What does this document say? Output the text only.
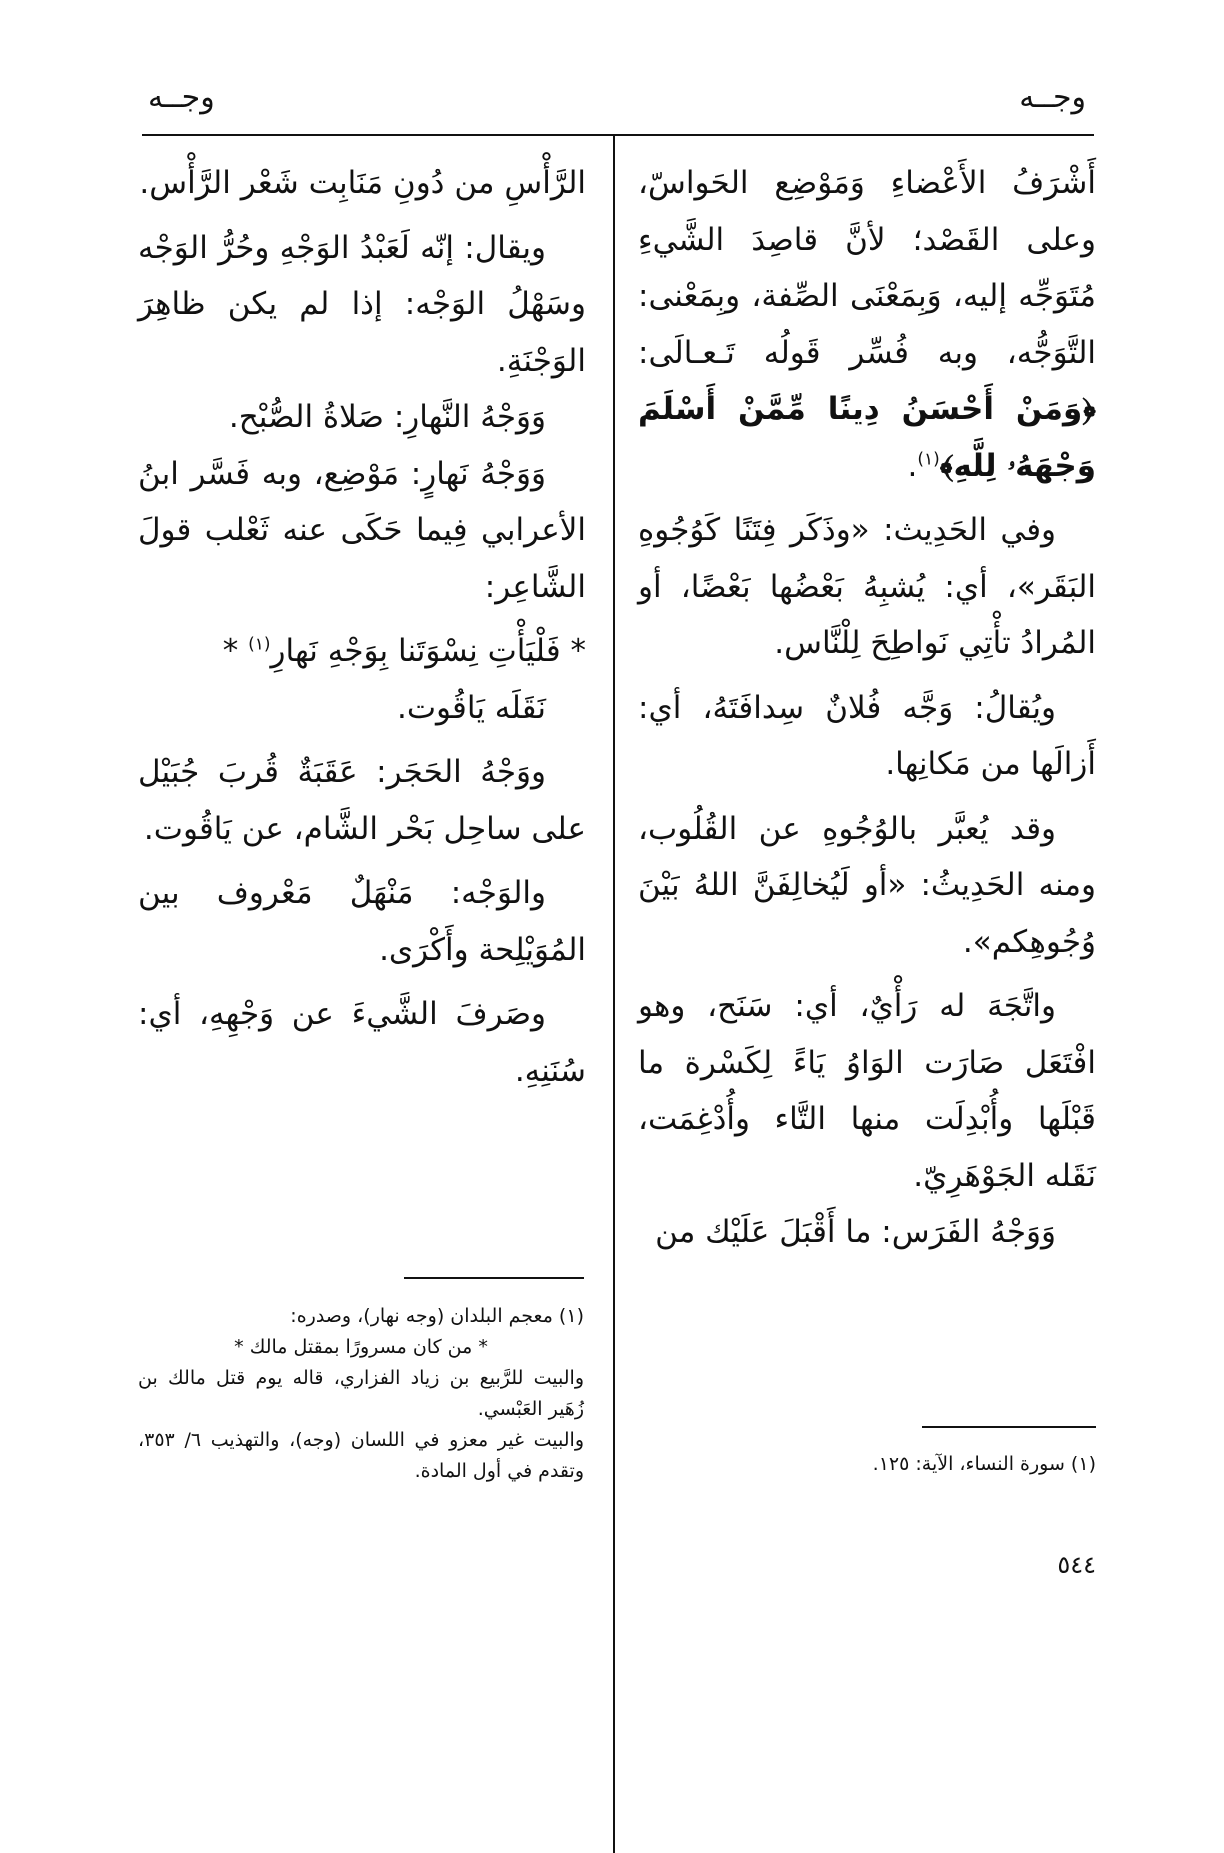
وجــه
وجــه

أَشْرَفُ الأَعْضاءِ وَمَوْضِع الحَواسّ، وعلى القَصْد؛ لأنَّ قاصِدَ الشَّيءِ مُتَوَجِّه إليه، وَبِمَعْنَى الصِّفة، وبِمَعْنى: التَّوَجُّه، وبه فُسِّر قَولُه تَـعـالَى: ﴿وَمَنْ أَحْسَنُ دِينًا مِّمَّنْ أَسْلَمَ وَجْهَهُۥ لِلَّهِ﴾$^{(١)}$.

وفي الحَدِيث: «وذَكَر فِتَنًا كَوُجُوهِ البَقَر»، أي: يُشبِهُ بَعْضُها بَعْضًا، أو المُرادُ تأْتِي نَواطِحَ لِلْنَّاس.

ويُقالُ: وَجَّه فُلانٌ سِدافَتَهُ، أي: أَزالَها من مَكانِها.

وقد يُعبَّر بالوُجُوهِ عن القُلُوب، ومنه الحَدِيثُ: «أو لَيُخالِفَنَّ اللهُ بَيْنَ وُجُوهِكم».

واتَّجَهَ له رَأْيٌ، أي: سَنَح، وهو افْتَعَل صَارَت الوَاوُ يَاءً لِكَسْرة ما قَبْلَها وأُبْدِلَت منها التَّاء وأُدْغِمَت، نَقَله الجَوْهَرِيّ.

وَوَجْهُ الفَرَس: ما أَقْبَلَ عَلَيْك من

الرَّأْسِ من دُونِ مَنَابِت شَعْر الرَّأْس.

ويقال: إنّه لَعَبْدُ الوَجْهِ وحُرُّ الوَجْه وسَهْلُ الوَجْه: إذا لم يكن ظاهِرَ الوَجْنَةِ.

وَوَجْهُ النَّهارِ: صَلاةُ الصُّبْح.

وَوَجْهُ نَهارٍ: مَوْضِع، وبه فَسَّر ابنُ الأعرابي فِيما حَكَى عنه ثَعْلب قولَ الشَّاعِر:

* فَلْيَأْتِ نِسْوَتَنا بِوَجْهِ نَهارِ$^{(١)}$ *

نَقَلَه يَاقُوت.

ووَجْهُ الحَجَر: عَقَبَةٌ قُربَ جُبَيْل على ساحِل بَحْر الشَّام، عن يَاقُوت.

والوَجْه: مَنْهَلٌ مَعْروف بين المُوَيْلِحة وأَكْرَى.

وصَرفَ الشَّيءَ عن وَجْهِهِ، أي: سُنَنِهِ.

(١) سورة النساء، الآية: ١٢٥.

(١) معجم البلدان (وجه نهار)، وصدره:

* من كان مسرورًا بمقتل مالك *

والبيت للرَّبيع بن زياد الفزاري، قاله يوم قتل مالك بن زُهَير العَبْسي.

والبيت غير معزو في اللسان (وجه)، والتهذيب ٦/ ٣٥٣، وتقدم في أول المادة.

٥٤٤
